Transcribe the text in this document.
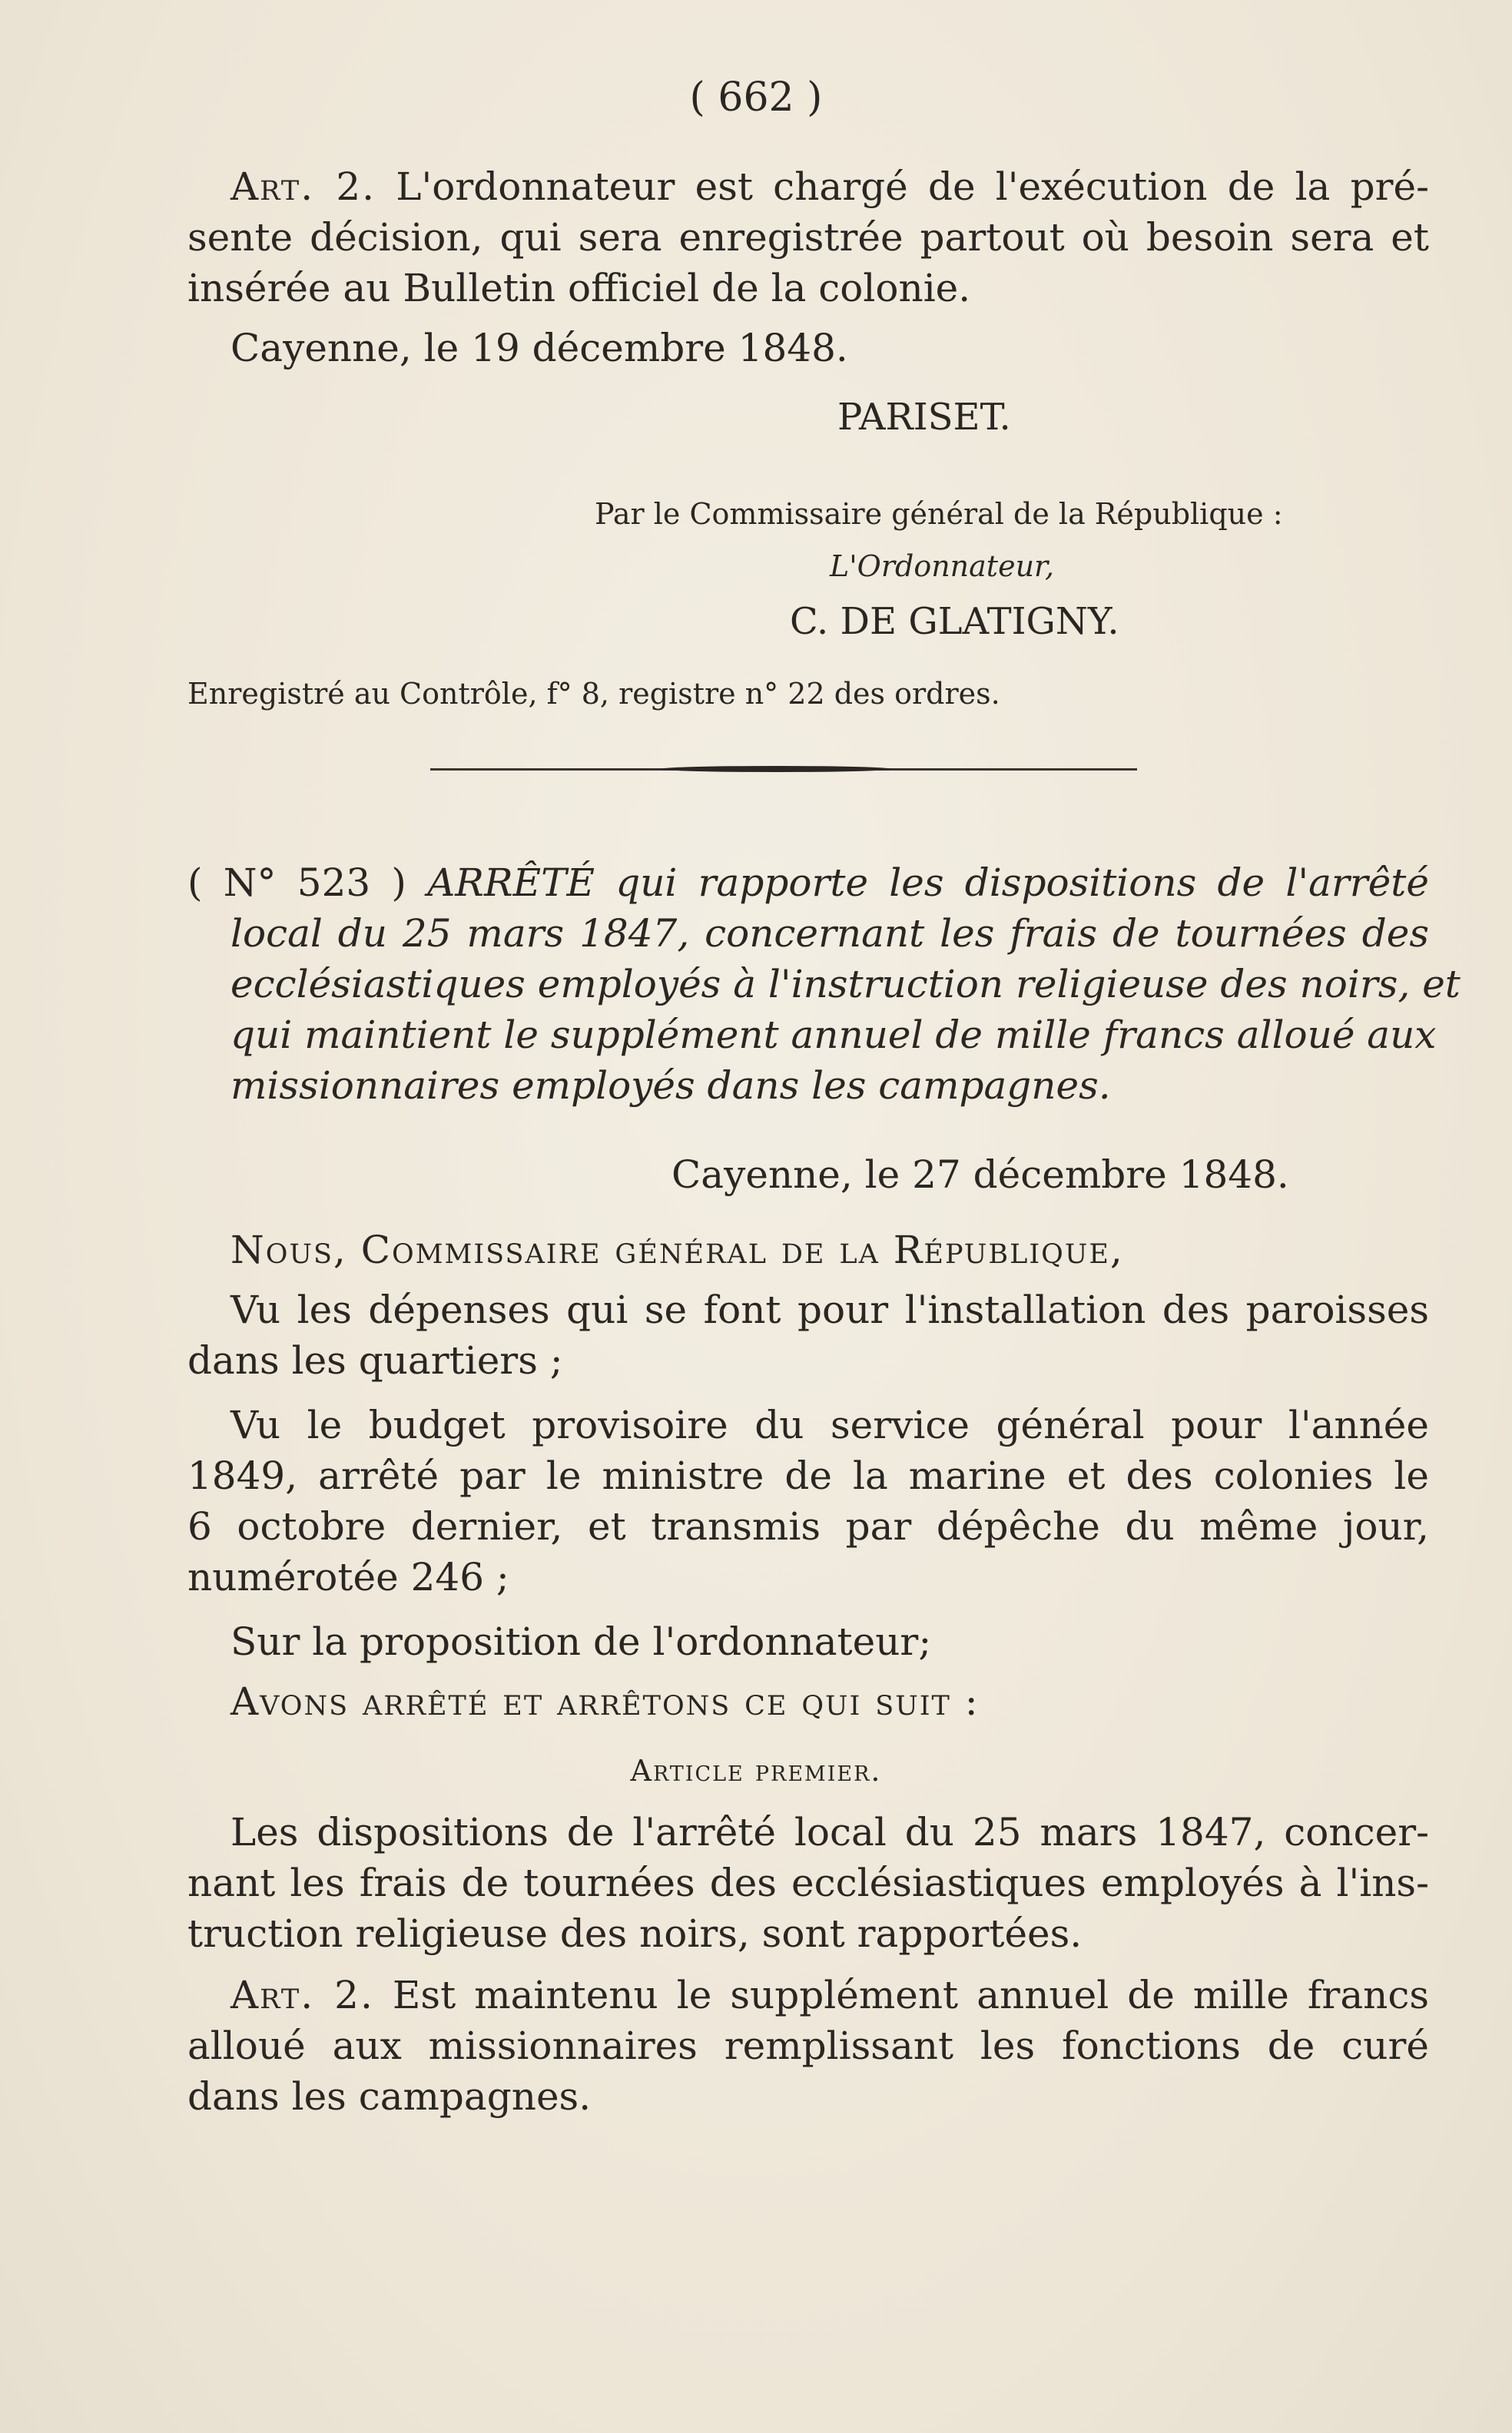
( 662 )
Art. 2. L'ordonnateur est chargé de l'exécution de la pré-
sente décision, qui sera enregistrée partout où besoin sera et
insérée au Bulletin officiel de la colonie.
Cayenne, le 19 décembre 1848.
PARISET.
Par le Commissaire général de la République :
L'Ordonnateur,
C. DE GLATIGNY.
Enregistré au Contrôle, f° 8, registre n° 22 des ordres.
( N° 523 ) ARRÊTÉ qui rapporte les dispositions de l'arrêté
local du 25 mars 1847, concernant les frais de tournées des
ecclésiastiques employés à l'instruction religieuse des noirs, et
qui maintient le supplément annuel de mille francs alloué aux
missionnaires employés dans les campagnes.
Cayenne, le 27 décembre 1848.
Nous, Commissaire général de la République,
Vu les dépenses qui se font pour l'installation des paroisses
dans les quartiers ;
Vu le budget provisoire du service général pour l'année
1849, arrêté par le ministre de la marine et des colonies le
6 octobre dernier, et transmis par dépêche du même jour,
numérotée 246 ;
Sur la proposition de l'ordonnateur;
Avons arrêté et arrêtons ce qui suit :
Article premier.
Les dispositions de l'arrêté local du 25 mars 1847, concer-
nant les frais de tournées des ecclésiastiques employés à l'ins-
truction religieuse des noirs, sont rapportées.
Art. 2. Est maintenu le supplément annuel de mille francs
alloué aux missionnaires remplissant les fonctions de curé
dans les campagnes.
